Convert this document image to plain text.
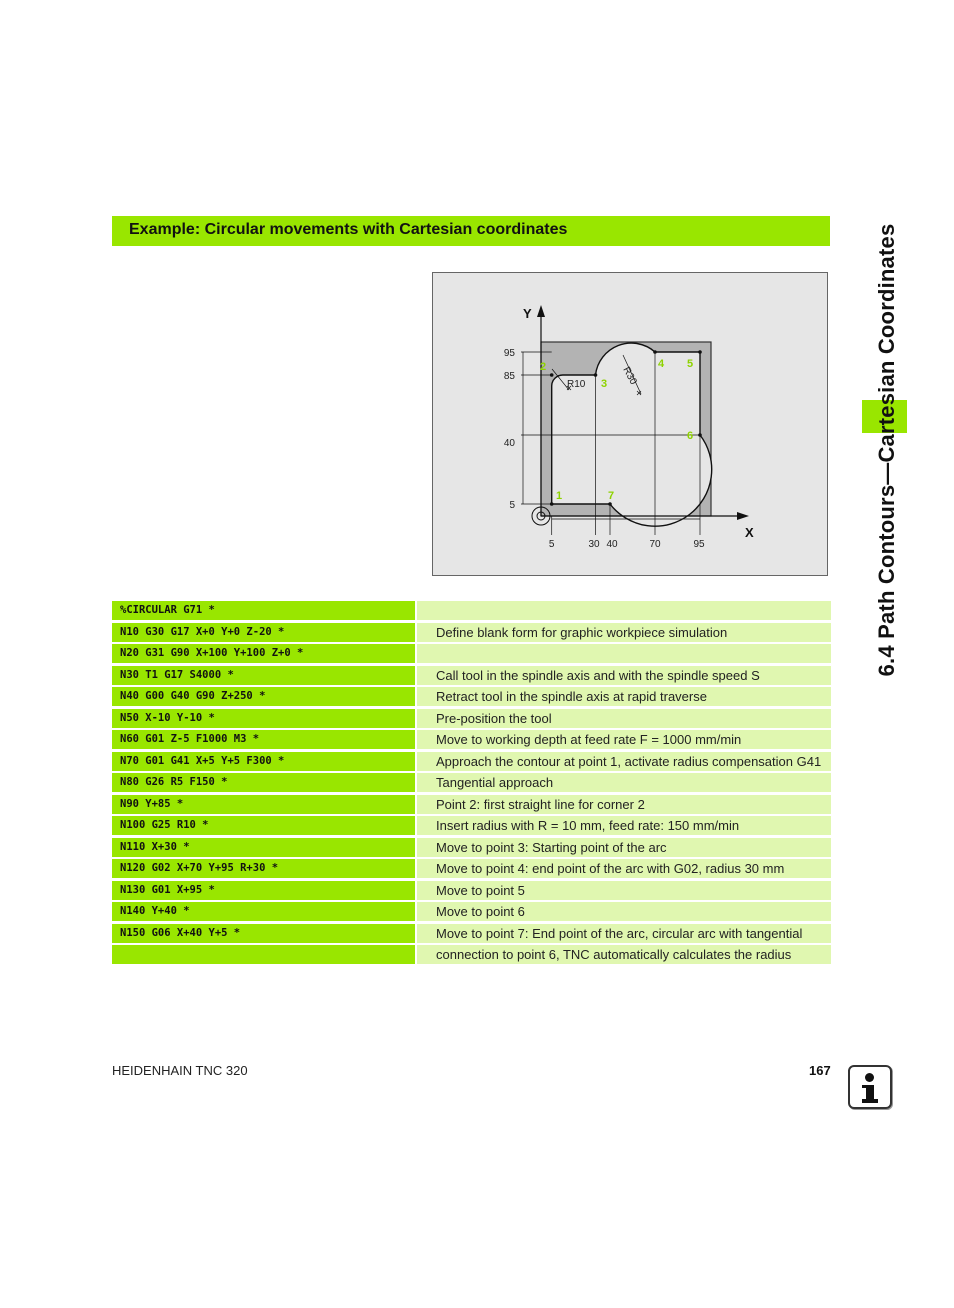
Example: Circular movements with Cartesian coordinates	6.4 Path Contours—Cartesian Coordinates
Y
X
95
85
40
5
5	30 40	70	95
R10	R30
1
2
3
4 5
6
7
%CIRCULAR G71 *
N10 G30 G17 X+0 Y+0 Z-20 *	Define blank form for graphic workpiece simulation
N20 G31 G90 X+100 Y+100 Z+0 *
N30 T1 G17 S4000 *	Call tool in the spindle axis and with the spindle speed S
N40 G00 G40 G90 Z+250 *	Retract tool in the spindle axis at rapid traverse
N50 X-10 Y-10 *	Pre-position the tool
N60 G01 Z-5 F1000 M3 *	Move to working depth at feed rate F = 1000 mm/min
N70 G01 G41 X+5 Y+5 F300 *	Approach the contour at point 1, activate radius compensation G41
N80 G26 R5 F150 *	Tangential approach
N90 Y+85 *	Point 2: first straight line for corner 2
N100 G25 R10 *	Insert radius with R = 10 mm, feed rate: 150 mm/min
N110 X+30 *	Move to point 3: Starting point of the arc
N120 G02 X+70 Y+95 R+30 *	Move to point 4: end point of the arc with G02, radius 30 mm
N130 G01 X+95 *	Move to point 5
N140 Y+40 *	Move to point 6
N150 G06 X+40 Y+5 *	Move to point 7: End point of the arc, circular arc with tangential
connection to point 6, TNC automatically calculates the radius
HEIDENHAIN TNC 320	167
